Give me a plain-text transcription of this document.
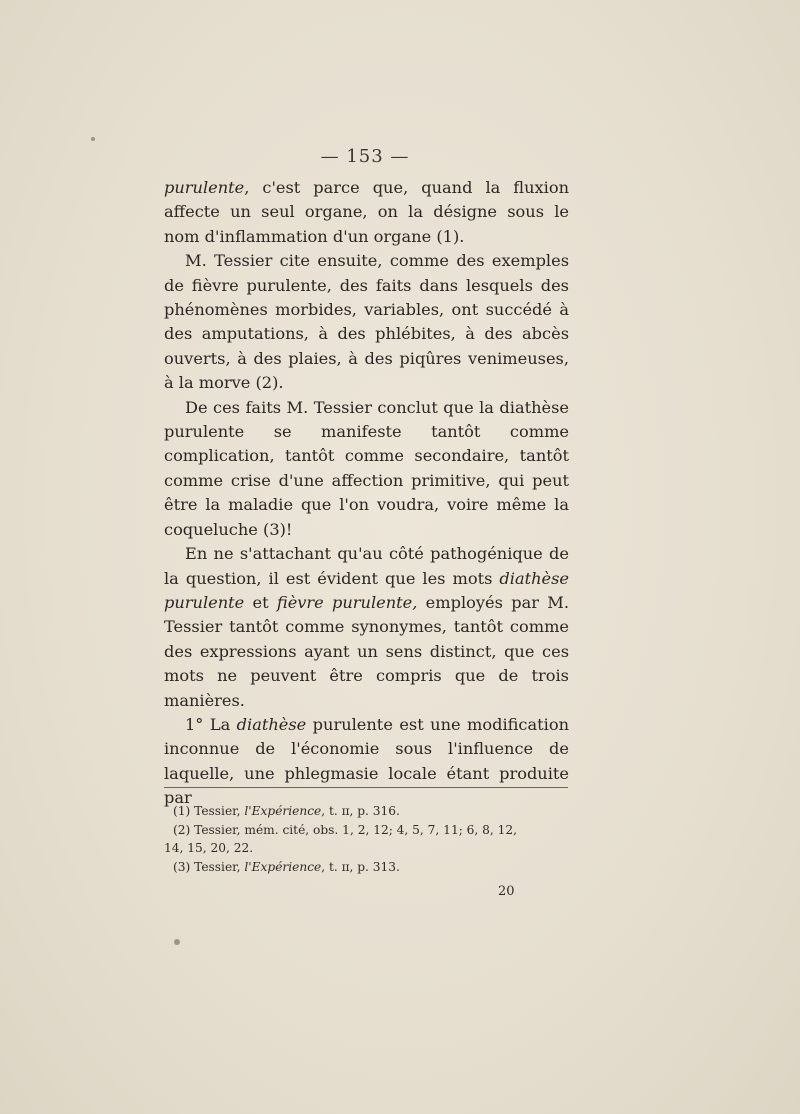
— 153 —

purulente, c'est parce que, quand la fluxion affecte un seul organe, on la désigne sous le nom d'inflammation d'un organe (1).

M. Tessier cite ensuite, comme des exemples de fièvre purulente, des faits dans lesquels des phénomènes morbides, variables, ont succédé à des amputations, à des phlébites, à des abcès ouverts, à des plaies, à des piqûres venimeuses, à la morve (2).

De ces faits M. Tessier conclut que la diathèse purulente se manifeste tantôt comme complication, tantôt comme secondaire, tantôt comme crise d'une affection primitive, qui peut être la maladie que l'on voudra, voire même la coqueluche (3)!

En ne s'attachant qu'au côté pathogénique de la question, il est évident que les mots diathèse purulente et fièvre purulente, employés par M. Tessier tantôt comme synonymes, tantôt comme des expressions ayant un sens distinct, que ces mots ne peuvent être compris que de trois manières.

1° La diathèse purulente est une modification inconnue de l'économie sous l'influence de laquelle, une phlegmasie locale étant produite par

(1) Tessier, l'Expérience, t. ɪɪ, p. 316.

(2) Tessier, mém. cité, obs. 1, 2, 12; 4, 5, 7, 11; 6, 8, 12,

14, 15, 20, 22.

(3) Tessier, l'Expérience, t. ɪɪ, p. 313.

20
